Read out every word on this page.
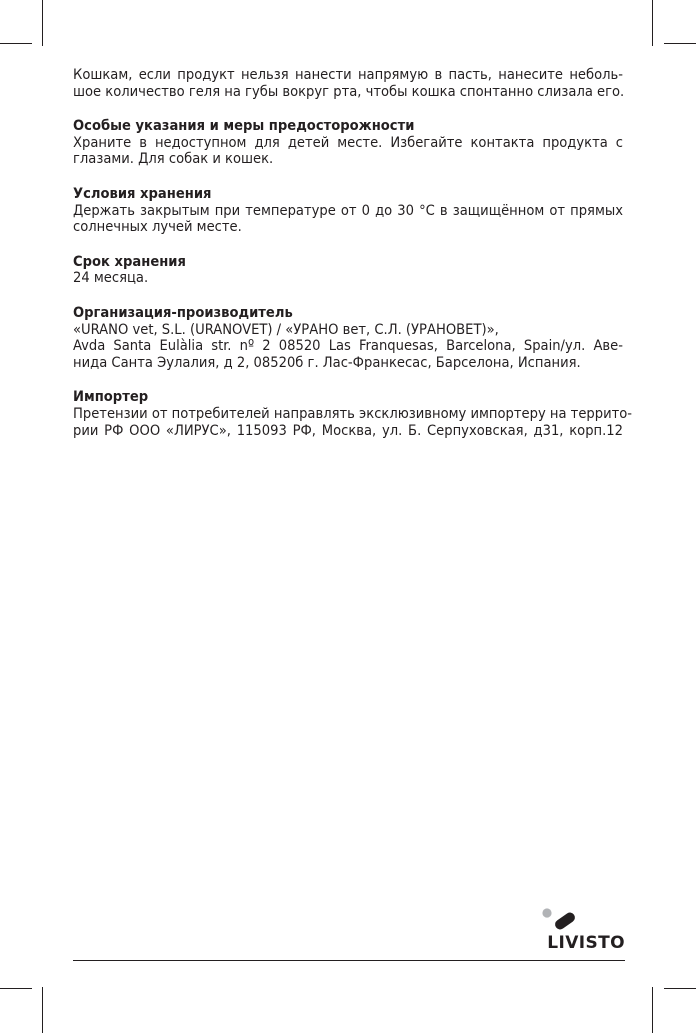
Кошкам, если продукт нельзя нанести напрямую в пасть, нанесите неболь-
шое количество геля на губы вокруг рта, чтобы кошка спонтанно слизала его.
Особые указания и меры предосторожности
Храните в недоступном для детей месте. Избегайте контакта продукта с
глазами. Для собак и кошек.
Условия хранения
Держать закрытым при температуре от 0 до 30 °C в защищённом от прямых
солнечных лучей месте.
Срок хранения
24 месяца.
Организация-производитель
«URANO vet, S.L. (URANOVET) / «УРАНО вет, С.Л. (УРАНОВЕТ)»,
Avda Santa Eulàlia str. nº 2 08520 Las Franquesas, Barcelona, Spain/ул. Аве-
нида Санта Эулалия, д 2, 08520б г. Лас-Франкесас, Барселона, Испания.
Импортер
Претензии от потребителей направлять эксклюзивному импортеру на террито-
рии РФ ООО «ЛИРУС», 115093 РФ, Москва, ул. Б. Серпуховская, д31, корп.12
LIVISTO
